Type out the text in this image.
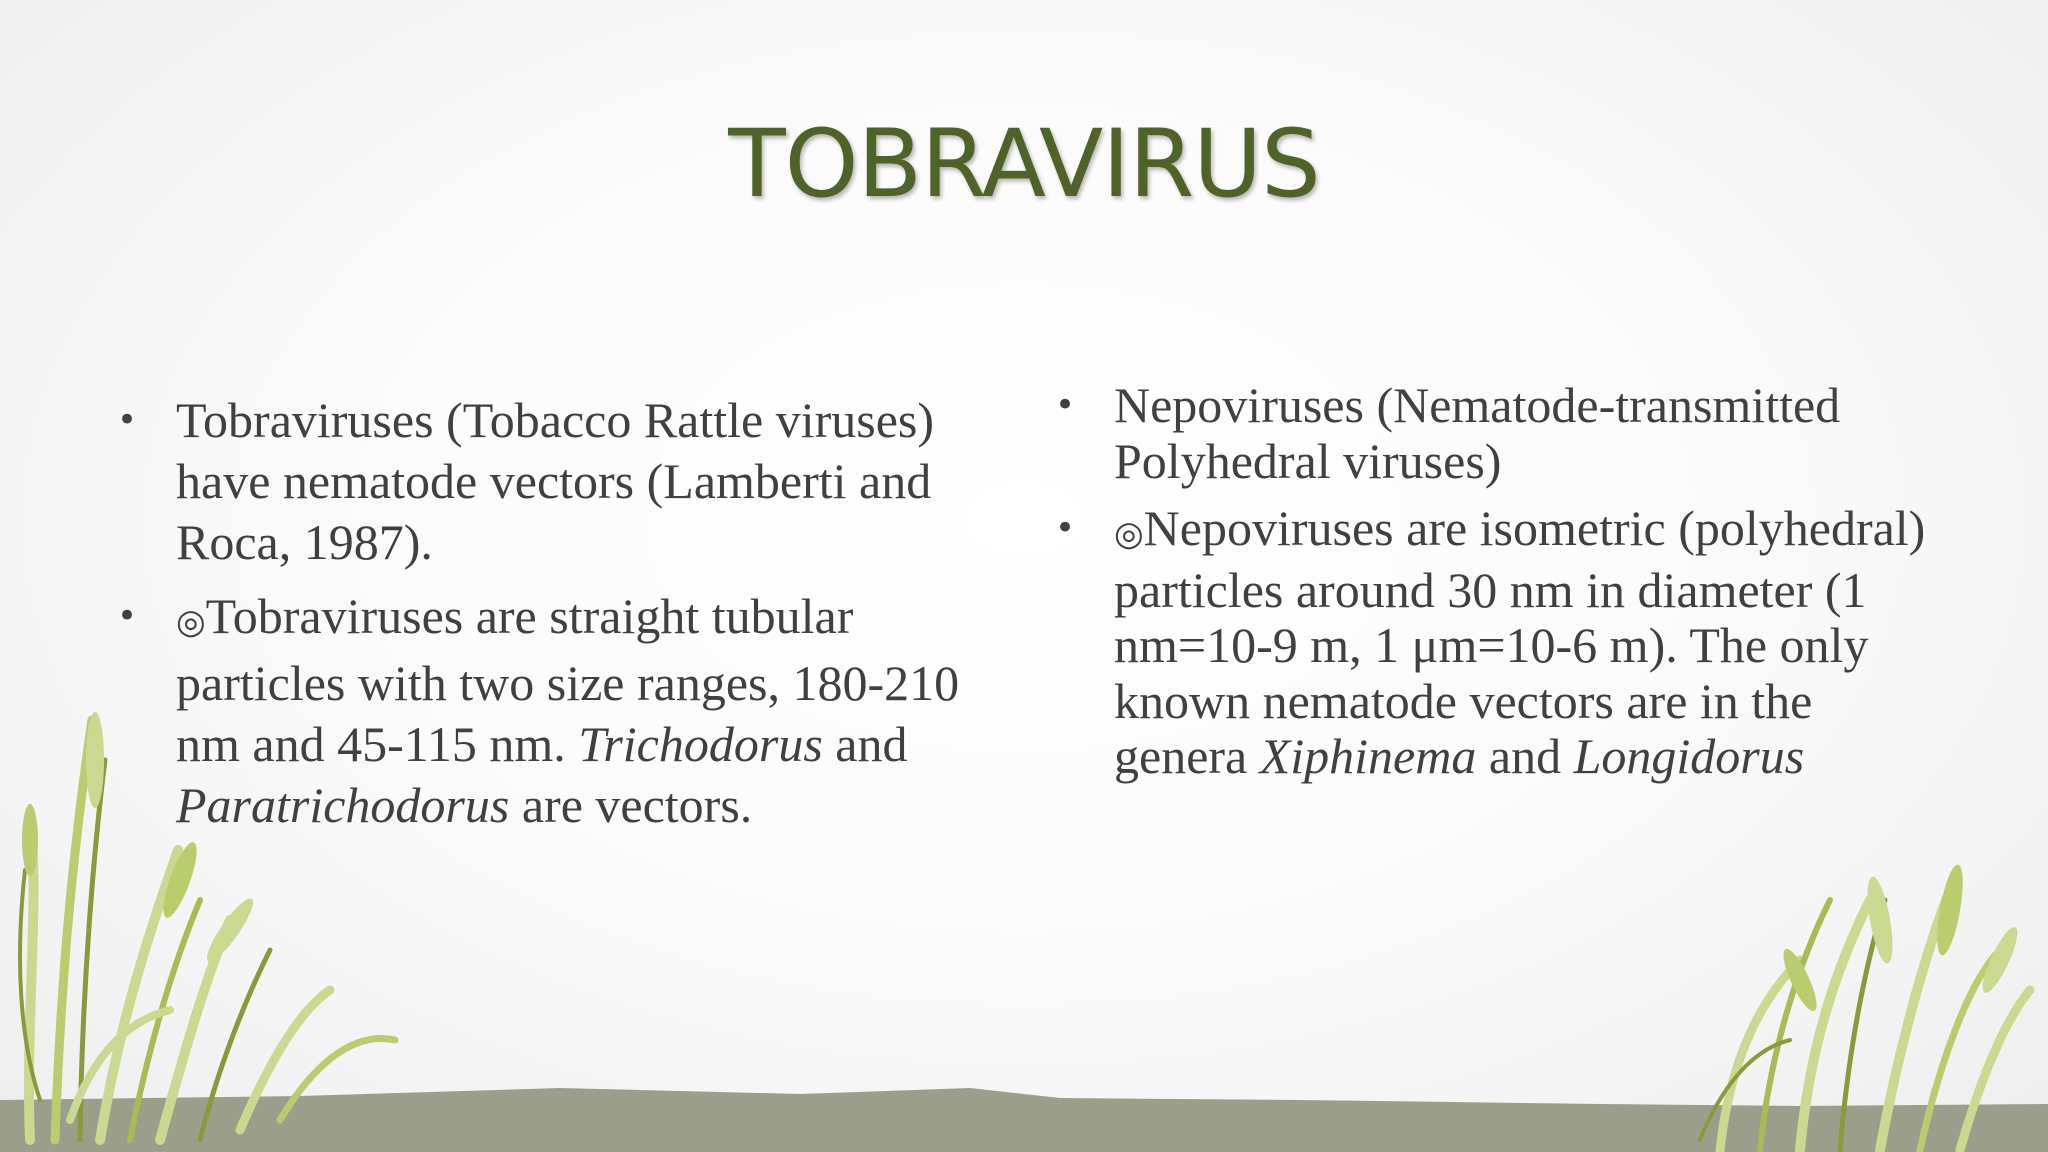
TOBRAVIRUS
• Tobraviruses (Tobacco Rattle viruses) have nematode vectors (Lamberti and Roca, 1987).
• ◎Tobraviruses are straight tubular particles with two size ranges, 180-210 nm and 45-115 nm. Trichodorus and Paratrichodorus are vectors.
• Nepoviruses (Nematode-transmitted Polyhedral viruses)
• ◎Nepoviruses are isometric (polyhedral) particles around 30 nm in diameter (1 nm=10-9 m, 1 μm=10-6 m). The only known nematode vectors are in the genera Xiphinema and Longidorus
